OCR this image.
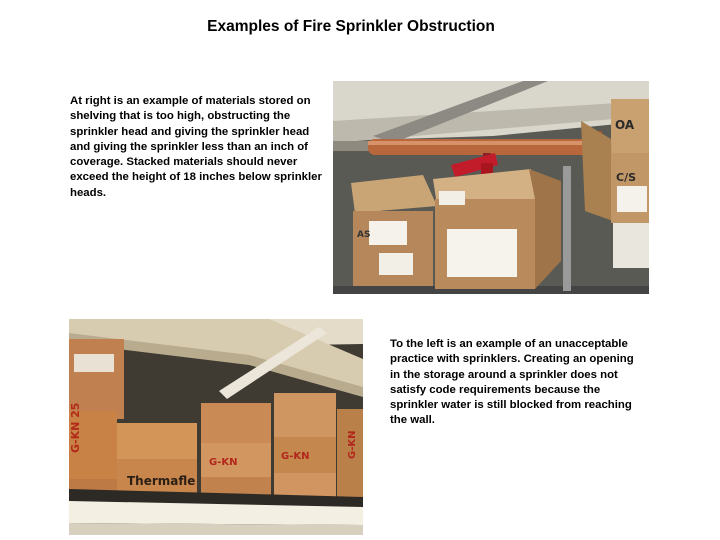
Examples of Fire Sprinkler Obstruction
At right is an example of materials stored on shelving that is too high, obstructing the sprinkler head and giving the sprinkler head and giving the sprinkler less than an inch of coverage. Stacked materials should never exceed the height of 18 inches below sprinkler heads.
AS
OA
C/S
G-KN 25
Thermafle
G-KN
G-KN	G-KN
To the left is an example of an unacceptable practice with sprinklers. Creating an opening in the storage around a sprinkler does not satisfy code requirements because the sprinkler water is still blocked from reaching the wall.
